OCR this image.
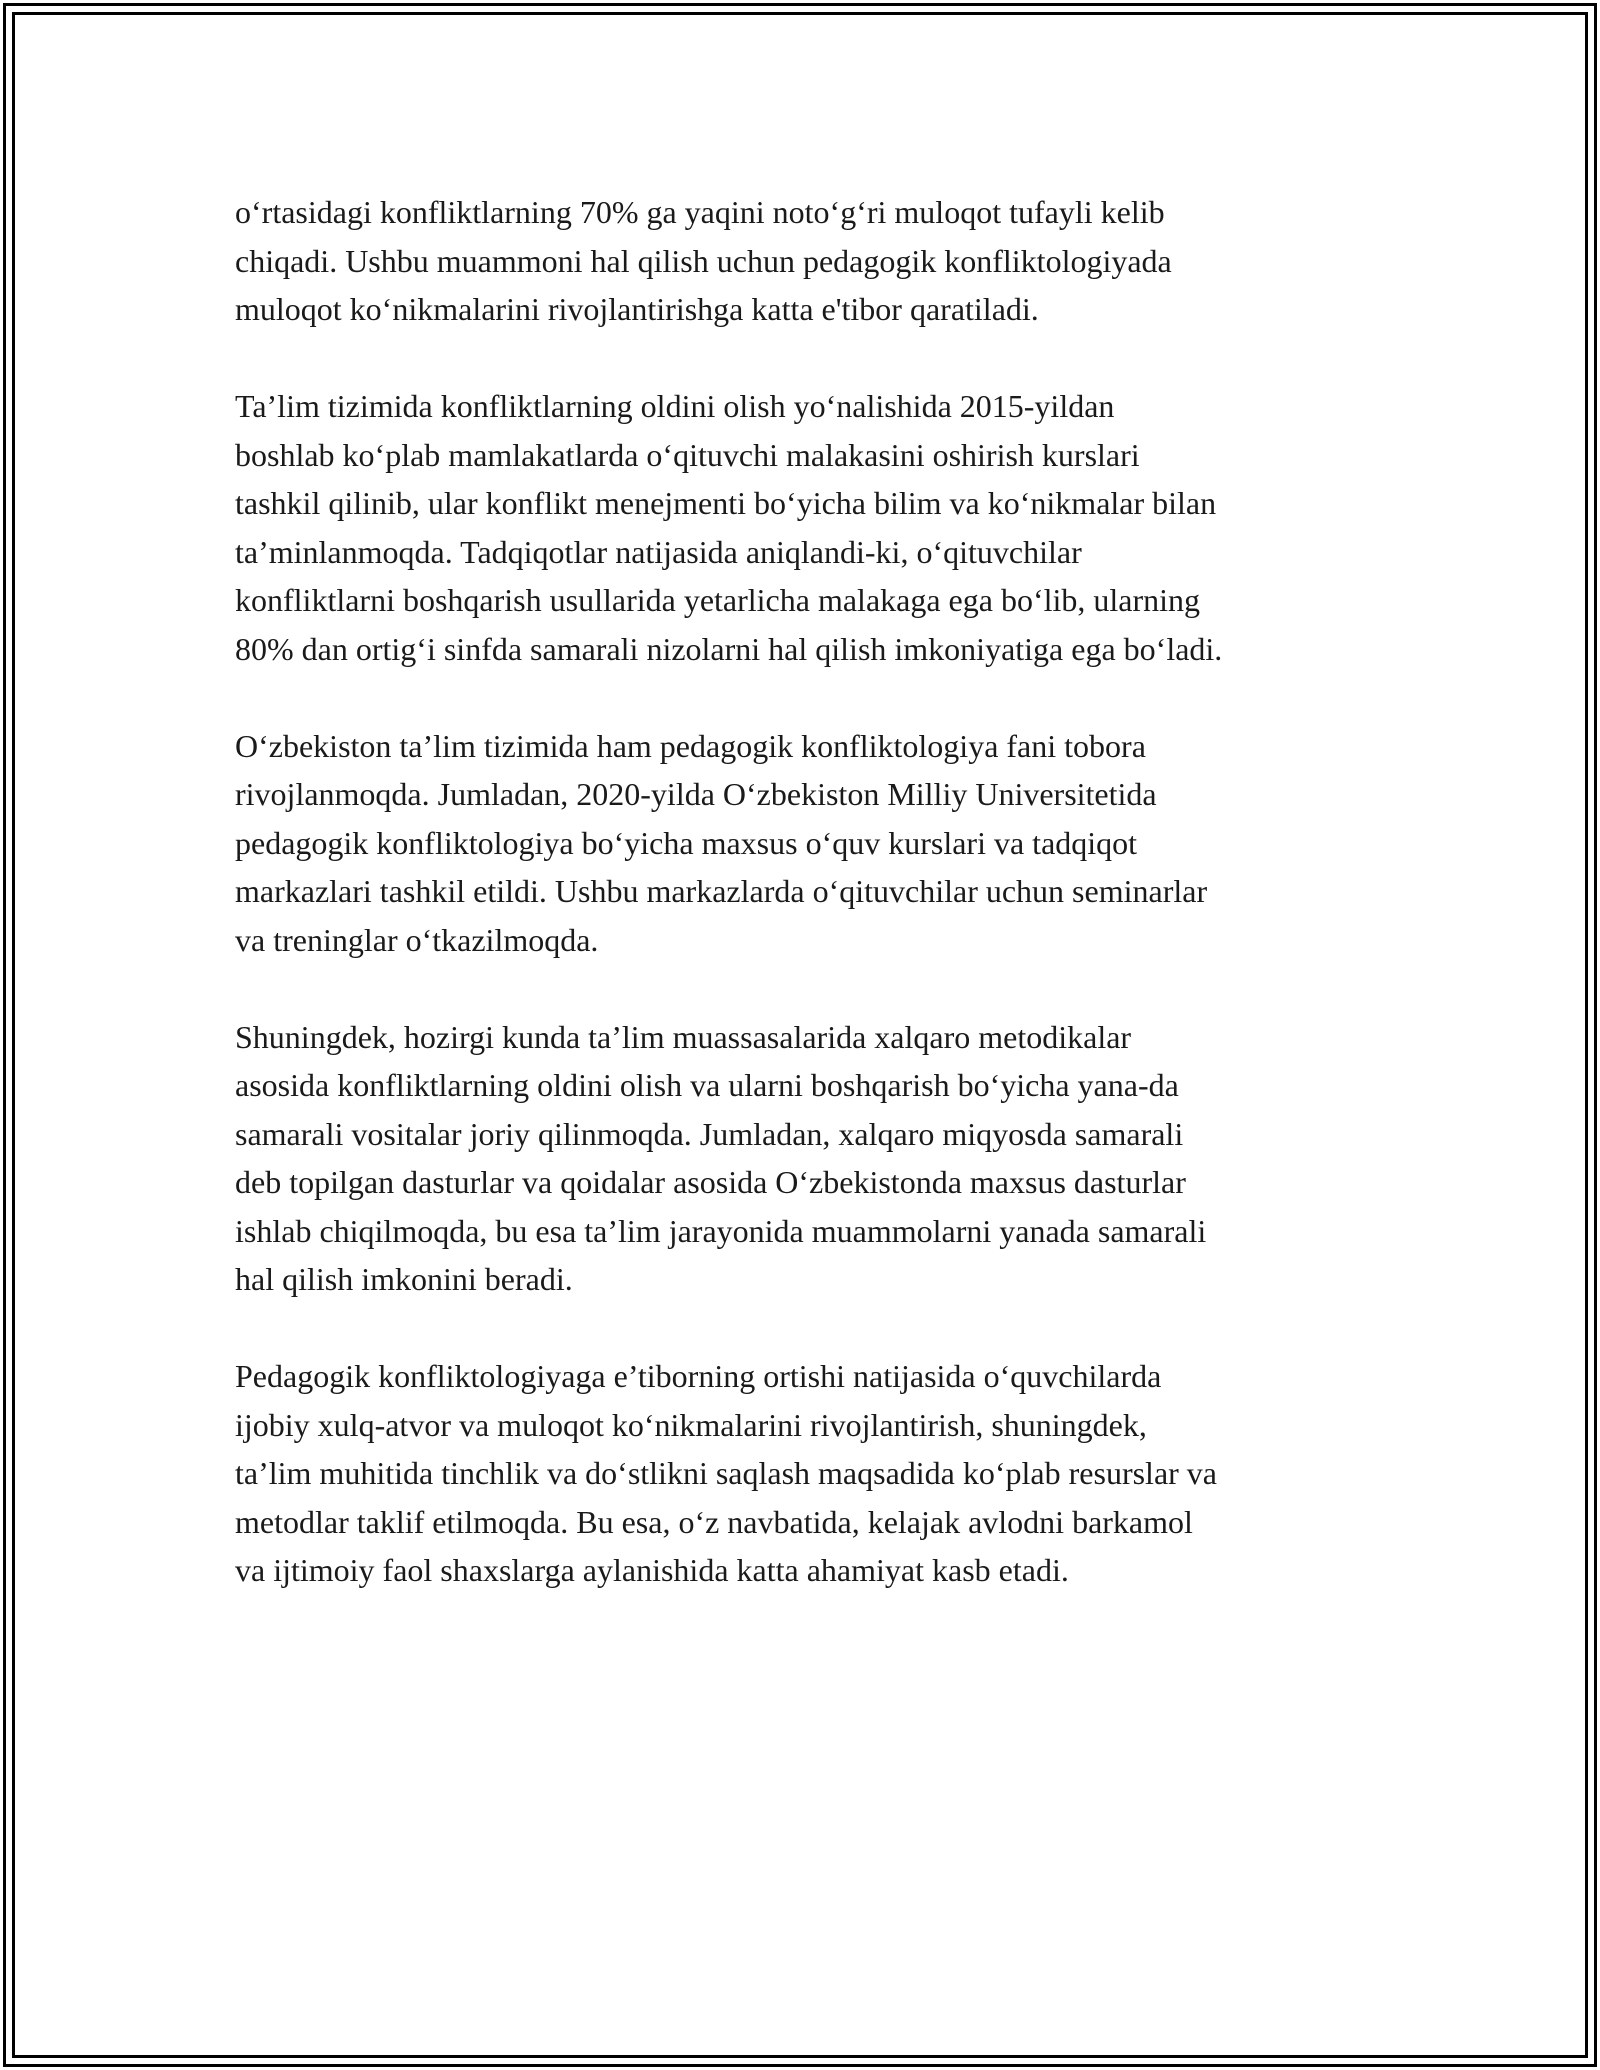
o‘rtasidagi konfliktlarning 70% ga yaqini noto‘g‘ri muloqot tufayli kelib
chiqadi. Ushbu muammoni hal qilish uchun pedagogik konfliktologiyada
muloqot ko‘nikmalarini rivojlantirishga katta e'tibor qaratiladi.

Ta’lim tizimida konfliktlarning oldini olish yo‘nalishida 2015-yildan
boshlab ko‘plab mamlakatlarda o‘qituvchi malakasini oshirish kurslari
tashkil qilinib, ular konflikt menejmenti bo‘yicha bilim va ko‘nikmalar bilan
ta’minlanmoqda. Tadqiqotlar natijasida aniqlandi-ki, o‘qituvchilar
konfliktlarni boshqarish usullarida yetarlicha malakaga ega bo‘lib, ularning
80% dan ortig‘i sinfda samarali nizolarni hal qilish imkoniyatiga ega bo‘ladi.

O‘zbekiston ta’lim tizimida ham pedagogik konfliktologiya fani tobora
rivojlanmoqda. Jumladan, 2020-yilda O‘zbekiston Milliy Universitetida
pedagogik konfliktologiya bo‘yicha maxsus o‘quv kurslari va tadqiqot
markazlari tashkil etildi. Ushbu markazlarda o‘qituvchilar uchun seminarlar
va treninglar o‘tkazilmoqda.

Shuningdek, hozirgi kunda ta’lim muassasalarida xalqaro metodikalar
asosida konfliktlarning oldini olish va ularni boshqarish bo‘yicha yana-da
samarali vositalar joriy qilinmoqda. Jumladan, xalqaro miqyosda samarali
deb topilgan dasturlar va qoidalar asosida O‘zbekistonda maxsus dasturlar
ishlab chiqilmoqda, bu esa ta’lim jarayonida muammolarni yanada samarali
hal qilish imkonini beradi.

Pedagogik konfliktologiyaga e’tiborning ortishi natijasida o‘quvchilarda
ijobiy xulq-atvor va muloqot ko‘nikmalarini rivojlantirish, shuningdek,
ta’lim muhitida tinchlik va do‘stlikni saqlash maqsadida ko‘plab resurslar va
metodlar taklif etilmoqda. Bu esa, o‘z navbatida, kelajak avlodni barkamol
va ijtimoiy faol shaxslarga aylanishida katta ahamiyat kasb etadi.
